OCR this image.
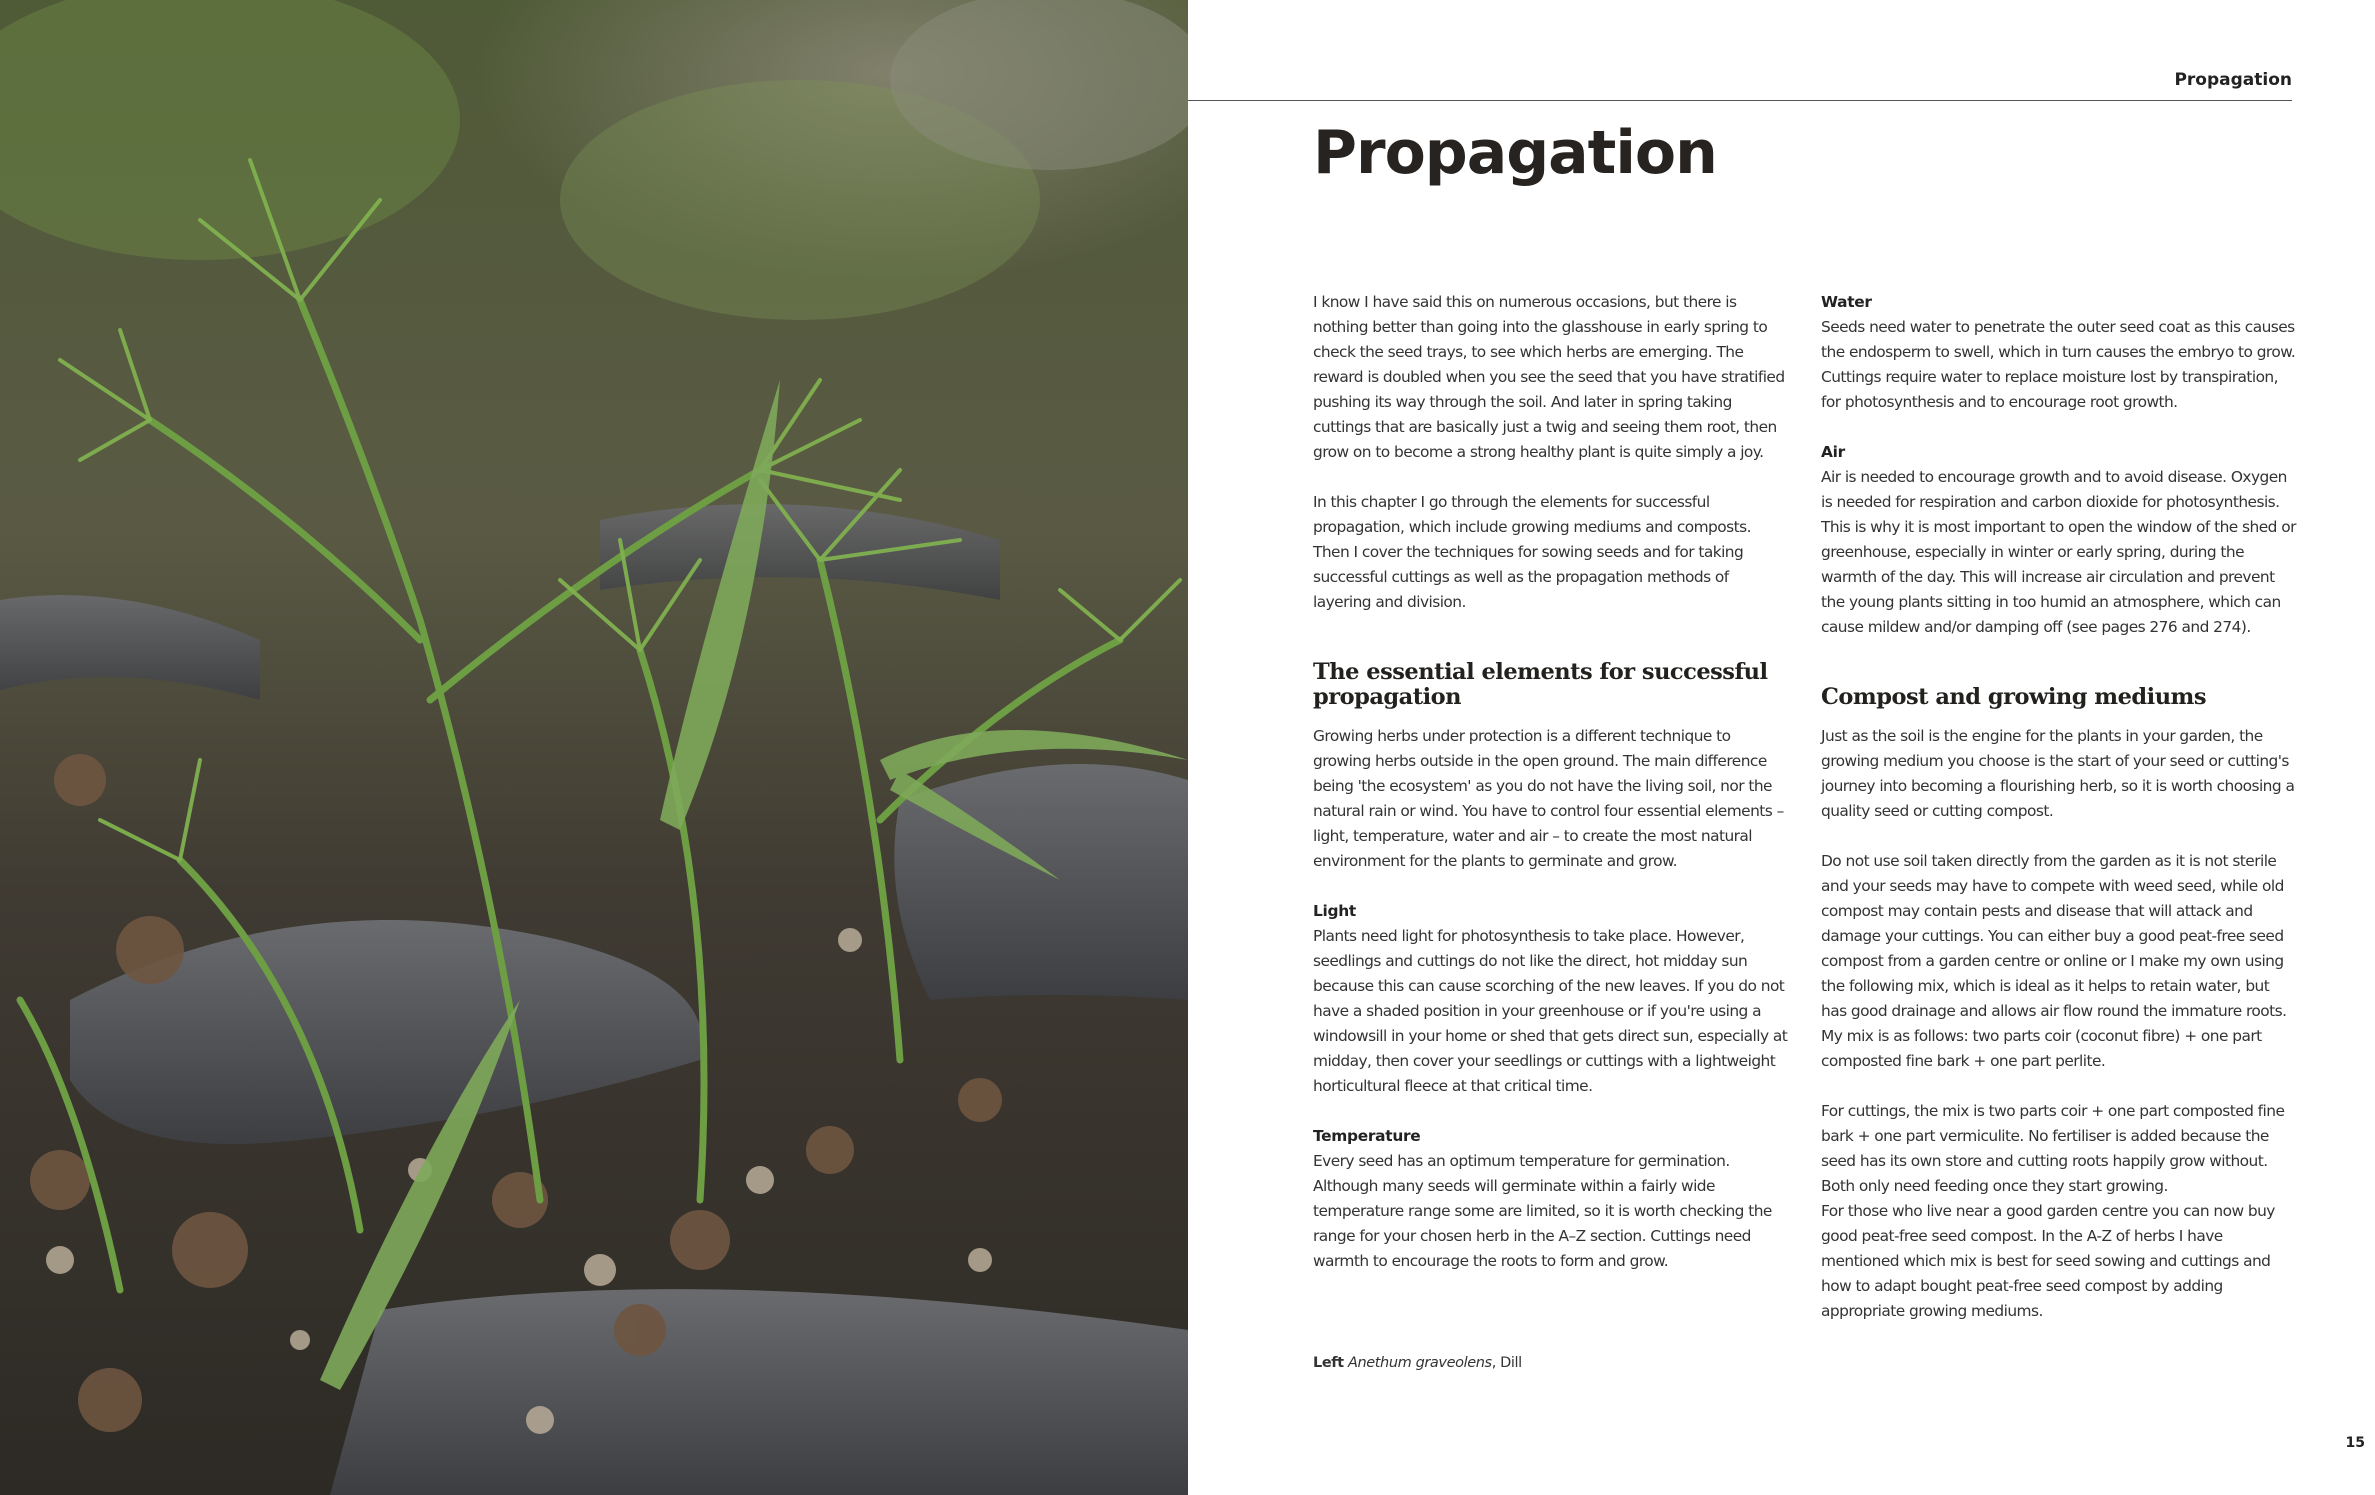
Propagation
Propagation

I know I have said this on numerous occasions, but there is nothing better than going into the glasshouse in early spring to check the seed trays, to see which herbs are emerging. The reward is doubled when you see the seed that you have stratified pushing its way through the soil. And later in spring taking cuttings that are basically just a twig and seeing them root, then grow on to become a strong healthy plant is quite simply a joy.

In this chapter I go through the elements for successful propagation, which include growing mediums and composts. Then I cover the techniques for sowing seeds and for taking successful cuttings as well as the propagation methods of layering and division.

The essential elements for successful propagation

Growing herbs under protection is a different technique to growing herbs outside in the open ground. The main difference being 'the ecosystem' as you do not have the living soil, nor the natural rain or wind. You have to control four essential elements – light, temperature, water and air – to create the most natural environment for the plants to germinate and grow.

Light

Plants need light for photosynthesis to take place. However, seedlings and cuttings do not like the direct, hot midday sun because this can cause scorching of the new leaves. If you do not have a shaded position in your greenhouse or if you're using a windowsill in your home or shed that gets direct sun, especially at midday, then cover your seedlings or cuttings with a lightweight horticultural fleece at that critical time.

Temperature

Every seed has an optimum temperature for germination. Although many seeds will germinate within a fairly wide temperature range some are limited, so it is worth checking the range for your chosen herb in the A–Z section. Cuttings need warmth to encourage the roots to form and grow.

Water

Seeds need water to penetrate the outer seed coat as this causes the endosperm to swell, which in turn causes the embryo to grow. Cuttings require water to replace moisture lost by transpiration, for photosynthesis and to encourage root growth.

Air

Air is needed to encourage growth and to avoid disease. Oxygen is needed for respiration and carbon dioxide for photosynthesis. This is why it is most important to open the window of the shed or greenhouse, especially in winter or early spring, during the warmth of the day. This will increase air circulation and prevent the young plants sitting in too humid an atmosphere, which can cause mildew and/or damping off (see pages 276 and 274).

Compost and growing mediums

Just as the soil is the engine for the plants in your garden, the growing medium you choose is the start of your seed or cutting's journey into becoming a flourishing herb, so it is worth choosing a quality seed or cutting compost.

Do not use soil taken directly from the garden as it is not sterile and your seeds may have to compete with weed seed, while old compost may contain pests and disease that will attack and damage your cuttings. You can either buy a good peat-free seed compost from a garden centre or online or I make my own using the following mix, which is ideal as it helps to retain water, but has good drainage and allows air flow round the immature roots. My mix is as follows: two parts coir (coconut fibre) + one part composted fine bark + one part perlite.

For cuttings, the mix is two parts coir + one part composted fine bark + one part vermiculite. No fertiliser is added because the seed has its own store and cutting roots happily grow without. Both only need feeding once they start growing.

For those who live near a good garden centre you can now buy good peat-free seed compost. In the A-Z of herbs I have mentioned which mix is best for seed sowing and cuttings and how to adapt bought peat-free seed compost by adding appropriate growing mediums.

Left Anethum graveolens, Dill
15
